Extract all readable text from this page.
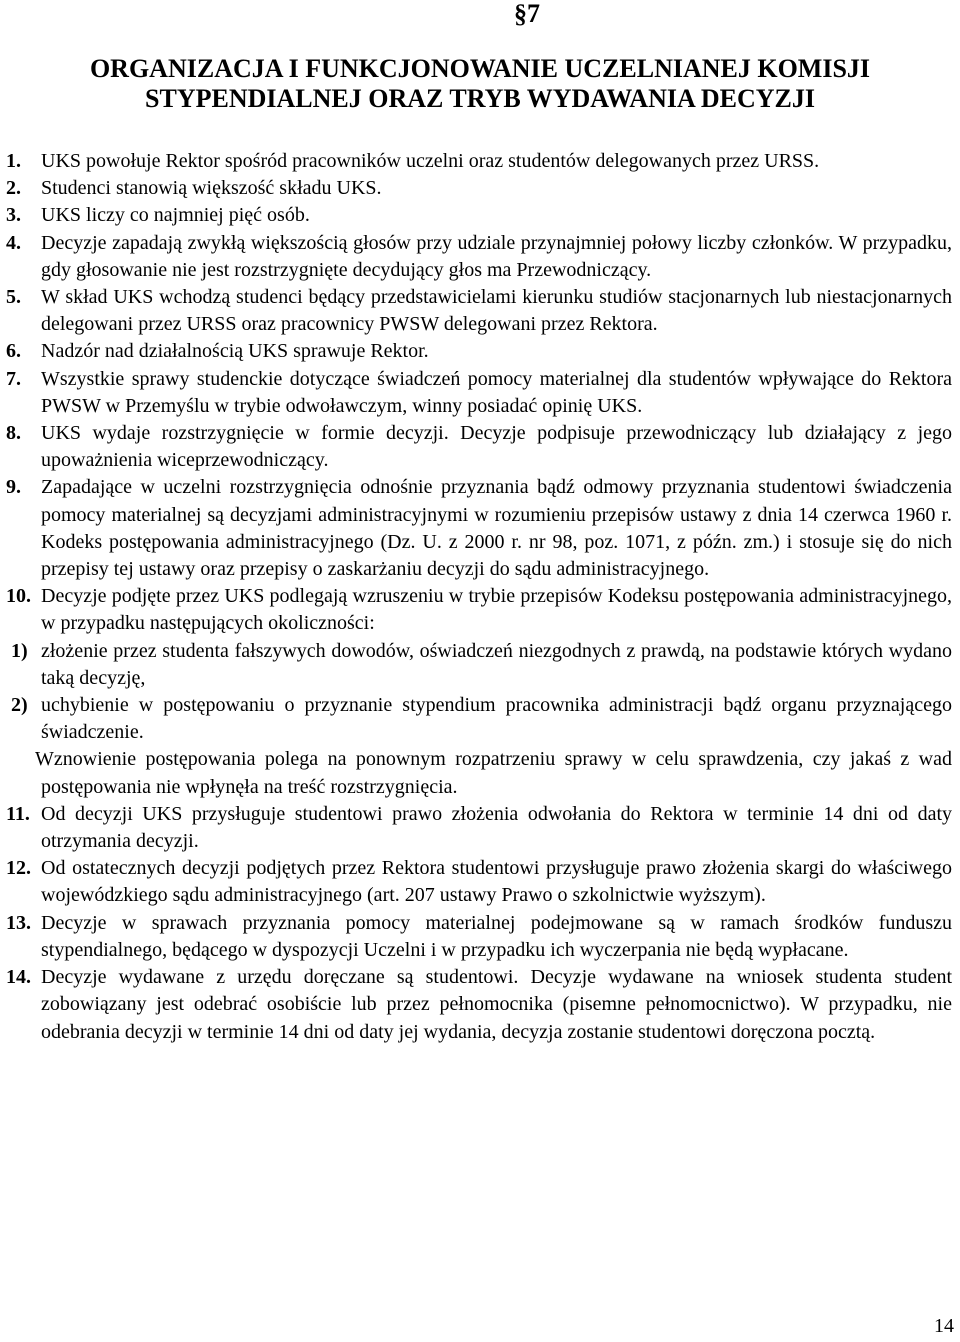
§7
ORGANIZACJA I FUNKCJONOWANIE UCZELNIANEJ KOMISJI
STYPENDIALNEJ ORAZ TRYB WYDAWANIA DECYZJI
1. UKS powołuje Rektor spośród pracowników uczelni oraz studentów delegowanych przez URSS.
2. Studenci stanowią większość składu UKS.
3. UKS liczy co najmniej pięć osób.
4. Decyzje zapadają zwykłą większością głosów przy udziale przynajmniej połowy liczby członków. W przypadku, gdy głosowanie nie jest rozstrzygnięte decydujący głos ma Przewodniczący.
5. W skład UKS wchodzą studenci będący przedstawicielami kierunku studiów stacjonarnych lub niestacjonarnych delegowani przez URSS oraz pracownicy PWSW delegowani przez Rektora.
6. Nadzór nad działalnością UKS sprawuje Rektor.
7. Wszystkie sprawy studenckie dotyczące świadczeń pomocy materialnej dla studentów wpływające do Rektora PWSW w Przemyślu w trybie odwoławczym, winny posiadać opinię UKS.
8. UKS wydaje rozstrzygnięcie w formie decyzji. Decyzje podpisuje przewodniczący lub działający z jego upoważnienia wiceprzewodniczący.
9. Zapadające w uczelni rozstrzygnięcia odnośnie przyznania bądź odmowy przyznania studentowi świadczenia pomocy materialnej są decyzjami administracyjnymi w rozumieniu przepisów ustawy z dnia 14 czerwca 1960 r. Kodeks postępowania administracyjnego (Dz. U. z 2000 r. nr 98, poz. 1071, z późn. zm.) i stosuje się do nich przepisy tej ustawy oraz przepisy o zaskarżaniu decyzji do sądu administracyjnego.
10. Decyzje podjęte przez UKS podlegają wzruszeniu w trybie przepisów Kodeksu postępowania administracyjnego, w przypadku następujących okoliczności:
1) złożenie przez studenta fałszywych dowodów, oświadczeń niezgodnych z prawdą, na podstawie których wydano taką decyzję,
2) uchybienie w postępowaniu o przyznanie stypendium pracownika administracji bądź organu przyznającego świadczenie.
Wznowienie postępowania polega na ponownym rozpatrzeniu sprawy w celu sprawdzenia, czy jakaś z wad postępowania nie wpłynęła na treść rozstrzygnięcia.
11. Od decyzji UKS przysługuje studentowi prawo złożenia odwołania do Rektora w terminie 14 dni od daty otrzymania decyzji.
12. Od ostatecznych decyzji podjętych przez Rektora studentowi przysługuje prawo złożenia skargi do właściwego wojewódzkiego sądu administracyjnego (art. 207 ustawy Prawo o szkolnictwie wyższym).
13. Decyzje w sprawach przyznania pomocy materialnej podejmowane są w ramach środków funduszu stypendialnego, będącego w dyspozycji Uczelni i w przypadku ich wyczerpania nie będą wypłacane.
14. Decyzje wydawane z urzędu doręczane są studentowi. Decyzje wydawane na wniosek studenta student zobowiązany jest odebrać osobiście lub przez pełnomocnika (pisemne pełnomocnictwo). W przypadku, nie odebrania decyzji w terminie 14 dni od daty jej wydania, decyzja zostanie studentowi doręczona pocztą.
14
